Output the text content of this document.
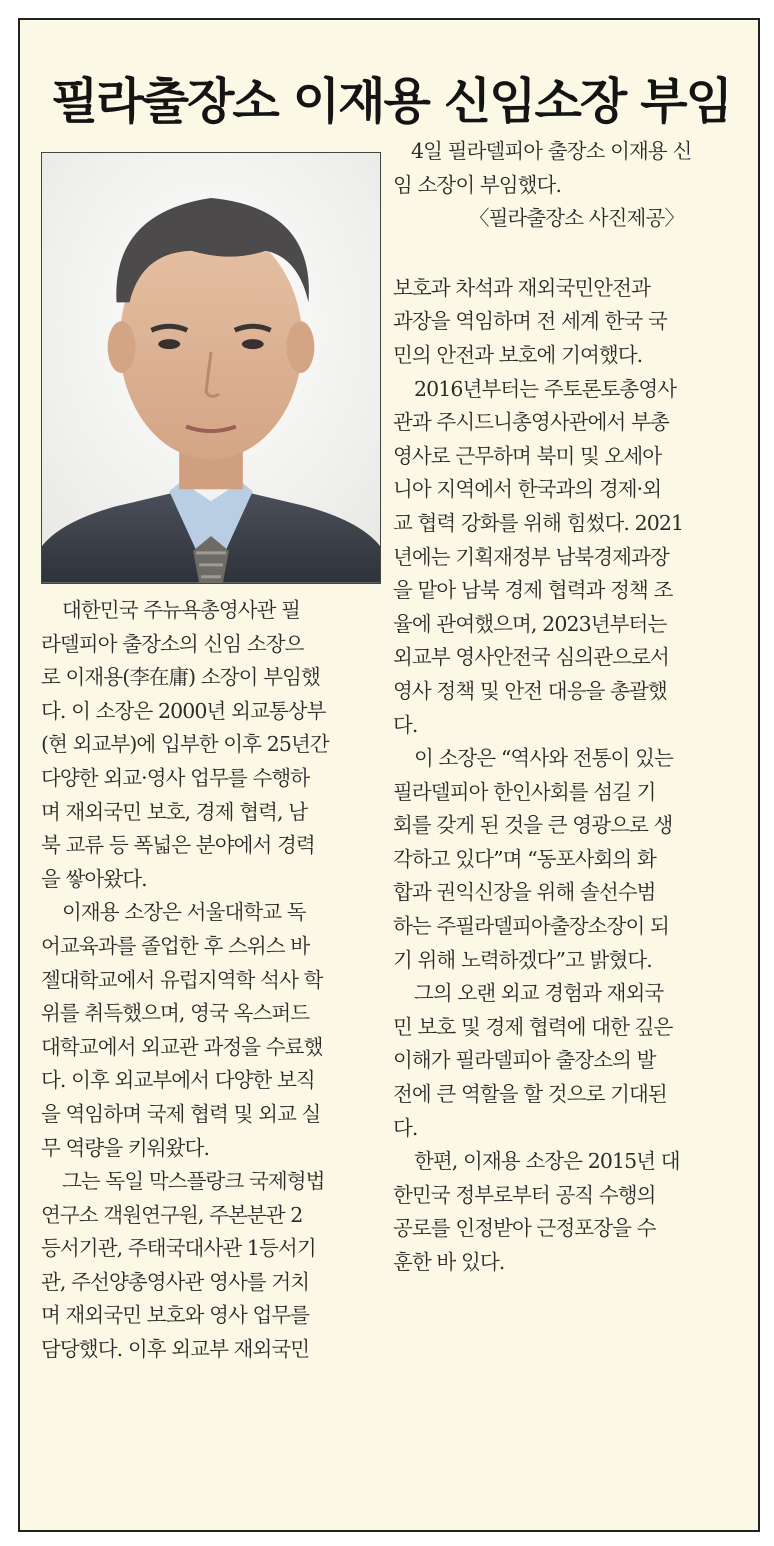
필라출장소 이재용 신임소장 부임
대한민국 주뉴욕총영사관 필
라델피아 출장소의 신임 소장으
로 이재용(李在庸) 소장이 부임했
다. 이 소장은 2000년 외교통상부
(현 외교부)에 입부한 이후 25년간
다양한 외교·영사 업무를 수행하
며 재외국민 보호, 경제 협력, 남
북 교류 등 폭넓은 분야에서 경력
을 쌓아왔다.
이재용 소장은 서울대학교 독
어교육과를 졸업한 후 스위스 바
젤대학교에서 유럽지역학 석사 학
위를 취득했으며, 영국 옥스퍼드
대학교에서 외교관 과정을 수료했
다. 이후 외교부에서 다양한 보직
을 역임하며 국제 협력 및 외교 실
무 역량을 키워왔다.
그는 독일 막스플랑크 국제형법
연구소 객원연구원, 주본분관 2
등서기관, 주태국대사관 1등서기
관, 주선양총영사관 영사를 거치
며 재외국민 보호와 영사 업무를
담당했다. 이후 외교부 재외국민
4일 필라델피아 출장소 이재용 신
임 소장이 부임했다.
〈필라출장소 사진제공〉
보호과 차석과 재외국민안전과
과장을 역임하며 전 세계 한국 국
민의 안전과 보호에 기여했다.
2016년부터는 주토론토총영사
관과 주시드니총영사관에서 부총
영사로 근무하며 북미 및 오세아
니아 지역에서 한국과의 경제·외
교 협력 강화를 위해 힘썼다. 2021
년에는 기획재정부 남북경제과장
을 맡아 남북 경제 협력과 정책 조
율에 관여했으며, 2023년부터는
외교부 영사안전국 심의관으로서
영사 정책 및 안전 대응을 총괄했
다.
이 소장은 “역사와 전통이 있는
필라델피아 한인사회를 섬길 기
회를 갖게 된 것을 큰 영광으로 생
각하고 있다”며 “동포사회의 화
합과 권익신장을 위해 솔선수범
하는 주필라델피아출장소장이 되
기 위해 노력하겠다”고 밝혔다.
그의 오랜 외교 경험과 재외국
민 보호 및 경제 협력에 대한 깊은
이해가 필라델피아 출장소의 발
전에 큰 역할을 할 것으로 기대된
다.
한편, 이재용 소장은 2015년 대
한민국 정부로부터 공직 수행의
공로를 인정받아 근정포장을 수
훈한 바 있다.
